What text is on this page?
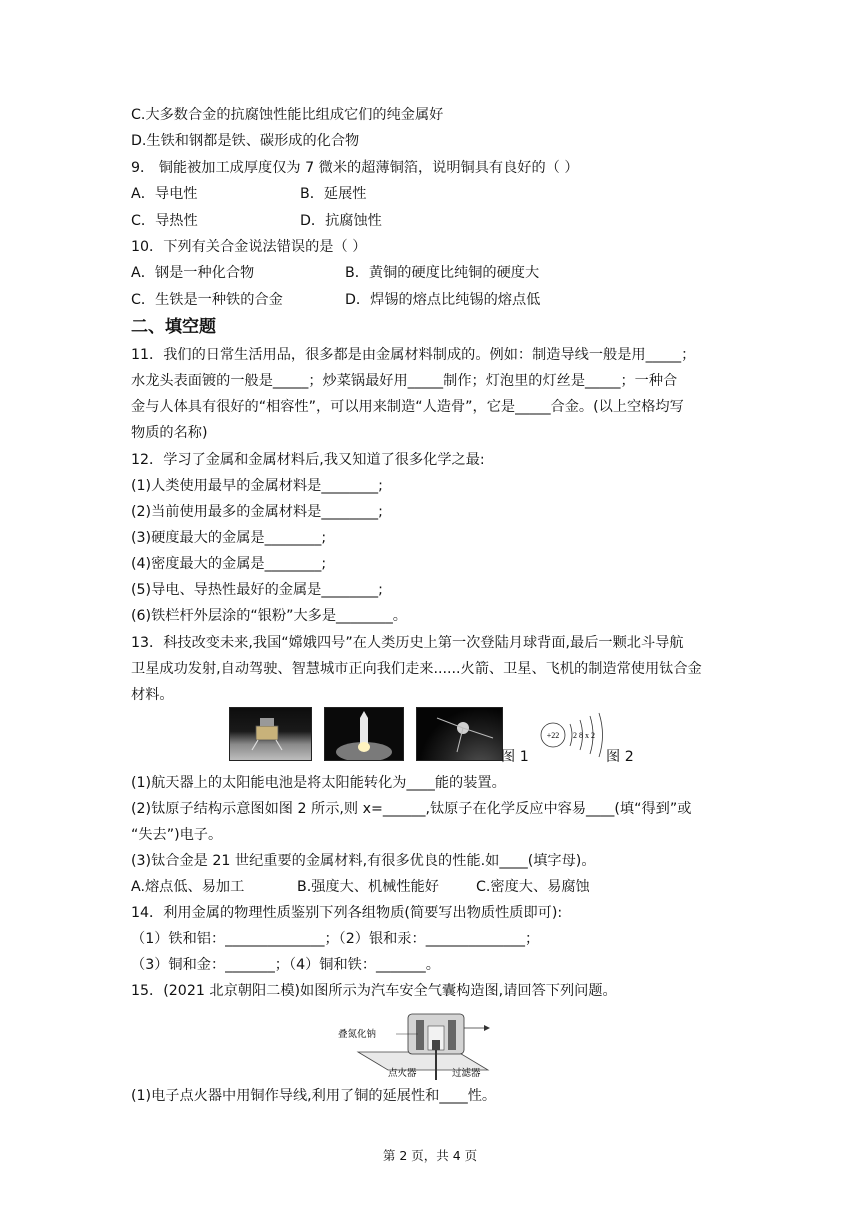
C.大多数合金的抗腐蚀性能比组成它们的纯金属好
D.生铁和钢都是铁、碳形成的化合物
9． 铜能被加工成厚度仅为 7 微米的超薄铜箔，说明铜具有良好的（ ）
A．导电性	B．延展性
C．导热性	D．抗腐蚀性
10．下列有关合金说法错误的是（ ）
A．钢是一种化合物	B．黄铜的硬度比纯铜的硬度大
C．生铁是一种铁的合金	D．焊锡的熔点比纯锡的熔点低
二、填空题
11．我们的日常生活用品，很多都是由金属材料制成的。例如：制造导线一般是用_____；
水龙头表面镀的一般是_____；炒菜锅最好用_____制作；灯泡里的灯丝是_____；一种合
金与人体具有很好的“相容性”，可以用来制造“人造骨”，它是_____合金。(以上空格均写
物质的名称)
12．学习了金属和金属材料后,我又知道了很多化学之最:
(1)人类使用最早的金属材料是________;
(2)当前使用最多的金属材料是________;
(3)硬度最大的金属是________;
(4)密度最大的金属是________;
(5)导电、导热性最好的金属是________;
(6)铁栏杆外层涂的“银粉”大多是________。
13．科技改变未来,我国“嫦娥四号”在人类历史上第一次登陆月球背面,最后一颗北斗导航
卫星成功发射,自动驾驶、智慧城市正向我们走来......火箭、卫星、飞机的制造常使用钛合金
材料。
图 1
+22 2 8 x 2
图 2
(1)航天器上的太阳能电池是将太阳能转化为____能的装置。
(2)钛原子结构示意图如图 2 所示,则 x=______,钛原子在化学反应中容易____(填“得到”或
“失去”)电子。
(3)钛合金是 21 世纪重要的金属材料,有很多优良的性能.如____(填字母)。
A.熔点低、易加工	B.强度大、机械性能好	C.密度大、易腐蚀
14．利用金属的物理性质鉴别下列各组物质(简要写出物质性质即可):
（1）铁和铝：______________；（2）银和汞：______________；
（3）铜和金：_______；（4）铜和铁：_______。
15．(2021 北京朝阳二模)如图所示为汽车安全气囊构造图,请回答下列问题。
叠氮化钠
点火器	过滤器
(1)电子点火器中用铜作导线,利用了铜的延展性和____性。
第 2 页，共 4 页
